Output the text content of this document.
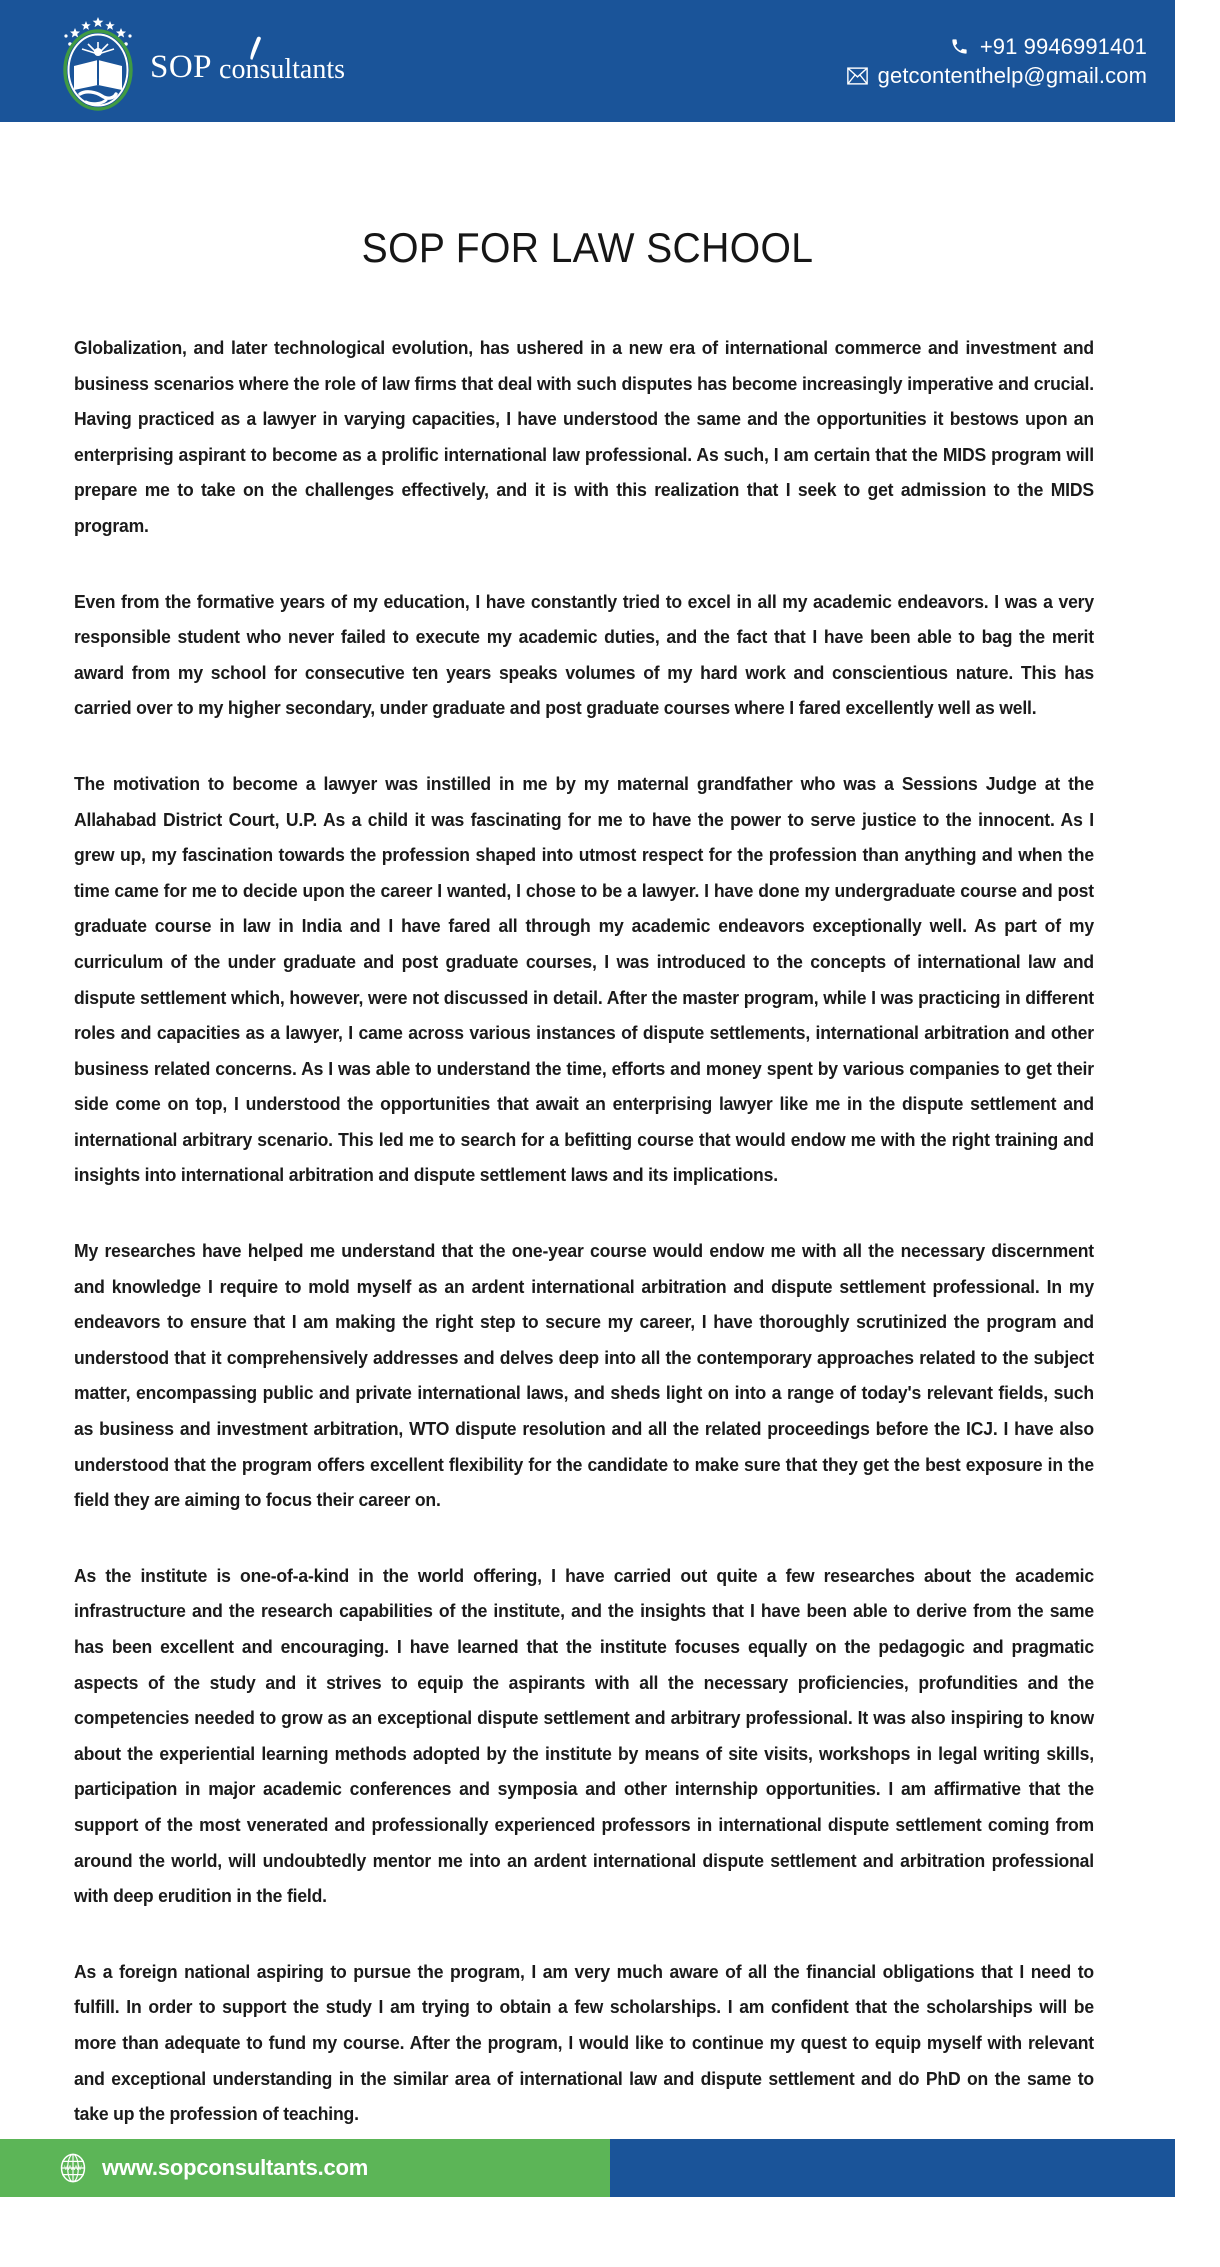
SOP consultants
+91 9946991401
getcontenthelp@gmail.com
SOP FOR LAW SCHOOL

Globalization, and later technological evolution, has ushered in a new era of international commerce and investment and business scenarios where the role of law firms that deal with such disputes has become increasingly imperative and crucial. Having practiced as a lawyer in varying capacities, I have understood the same and the opportunities it bestows upon an enterprising aspirant to become as a prolific international law professional. As such, I am certain that the MIDS program will prepare me to take on the challenges effectively, and it is with this realization that I seek to get admission to the MIDS program.

Even from the formative years of my education, I have constantly tried to excel in all my academic endeavors. I was a very responsible student who never failed to execute my academic duties, and the fact that I have been able to bag the merit award from my school for consecutive ten years speaks volumes of my hard work and conscientious nature. This has carried over to my higher secondary, under graduate and post graduate courses where I fared excellently well as well.

The motivation to become a lawyer was instilled in me by my maternal grandfather who was a Sessions Judge at the Allahabad District Court, U.P. As a child it was fascinating for me to have the power to serve justice to the innocent. As I grew up, my fascination towards the profession shaped into utmost respect for the profession than anything and when the time came for me to decide upon the career I wanted, I chose to be a lawyer. I have done my undergraduate course and post graduate course in law in India and I have fared all through my academic endeavors exceptionally well. As part of my curriculum of the under graduate and post graduate courses, I was introduced to the concepts of international law and dispute settlement which, however, were not discussed in detail. After the master program, while I was practicing in different roles and capacities as a lawyer, I came across various instances of dispute settlements, international arbitration and other business related concerns. As I was able to understand the time, efforts and money spent by various companies to get their side come on top, I understood the opportunities that await an enterprising lawyer like me in the dispute settlement and international arbitrary scenario. This led me to search for a befitting course that would endow me with the right training and insights into international arbitration and dispute settlement laws and its implications.

My researches have helped me understand that the one-year course would endow me with all the necessary discernment and knowledge I require to mold myself as an ardent international arbitration and dispute settlement professional. In my endeavors to ensure that I am making the right step to secure my career, I have thoroughly scrutinized the program and understood that it comprehensively addresses and delves deep into all the contemporary approaches related to the subject matter, encompassing public and private international laws, and sheds light on into a range of today's relevant fields, such as business and investment arbitration, WTO dispute resolution and all the related proceedings before the ICJ. I have also understood that the program offers excellent flexibility for the candidate to make sure that they get the best exposure in the field they are aiming to focus their career on.

As the institute is one-of-a-kind in the world offering, I have carried out quite a few researches about the academic infrastructure and the research capabilities of the institute, and the insights that I have been able to derive from the same has been excellent and encouraging. I have learned that the institute focuses equally on the pedagogic and pragmatic aspects of the study and it strives to equip the aspirants with all the necessary proficiencies, profundities and the competencies needed to grow as an exceptional dispute settlement and arbitrary professional. It was also inspiring to know about the experiential learning methods adopted by the institute by means of site visits, workshops in legal writing skills, participation in major academic conferences and symposia and other internship opportunities. I am affirmative that the support of the most venerated and professionally experienced professors in international dispute settlement coming from around the world, will undoubtedly mentor me into an ardent international dispute settlement and arbitration professional with deep erudition in the field.

As a foreign national aspiring to pursue the program, I am very much aware of all the financial obligations that I need to fulfill. In order to support the study I am trying to obtain a few scholarships. I am confident that the scholarships will be more than adequate to fund my course. After the program, I would like to continue my quest to equip myself with relevant and exceptional understanding in the similar area of international law and dispute settlement and do PhD on the same to take up the profession of teaching.

WWW www.sopconsultants.com
